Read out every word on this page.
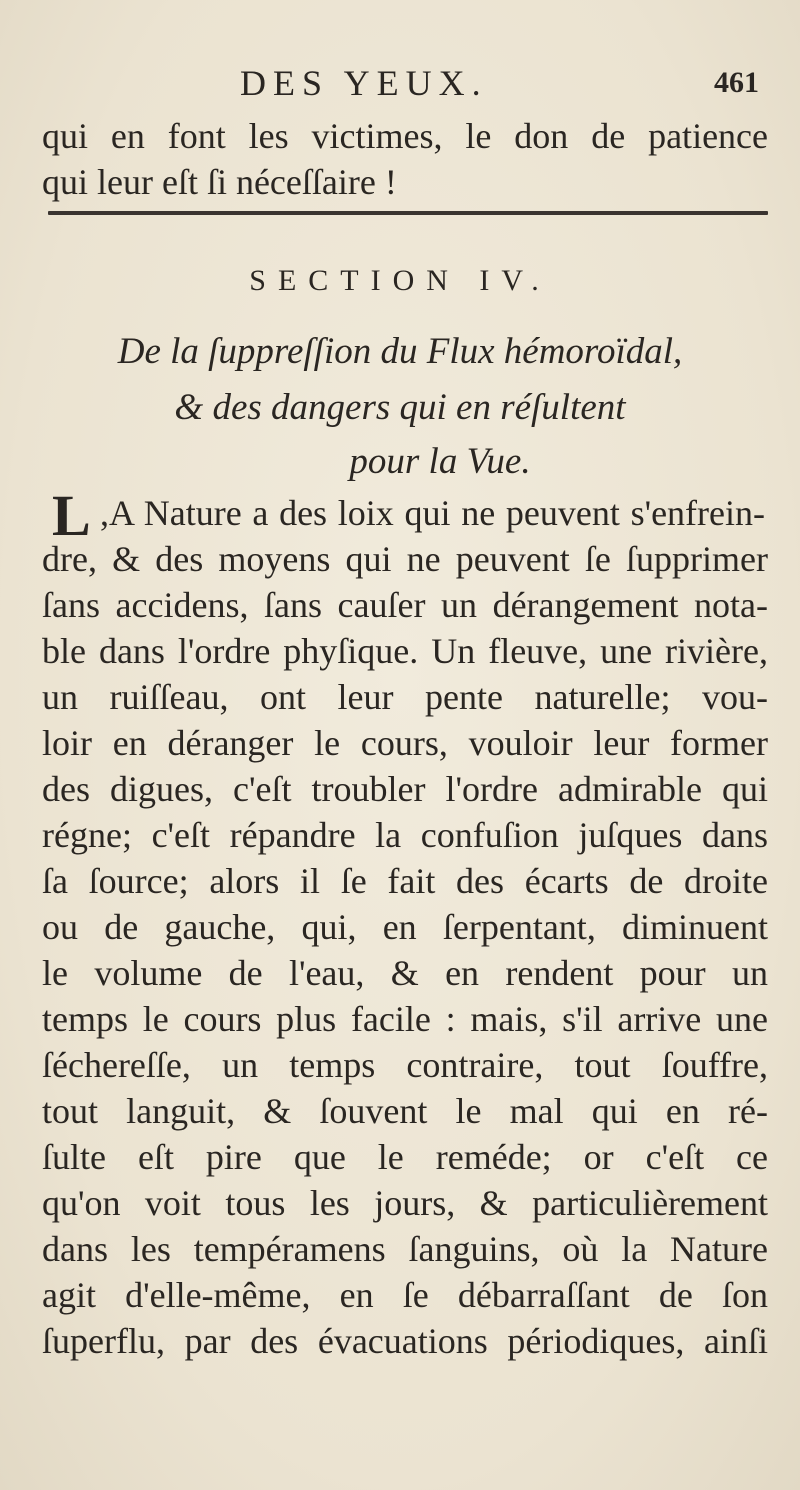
DES YEUX.	461
qui en font les victimes, le don de patience
qui leur eſt ſi néceſſaire !
SECTION IV.
De la ſuppreſſion du Flux hémoroïdal,
& des dangers qui en réſultent
pour la Vue.
L ,A Nature a des loix qui ne peuvent s'enfrein-
dre, & des moyens qui ne peuvent ſe ſupprimer
ſans accidens, ſans cauſer un dérangement nota-
ble dans l'ordre phyſique. Un fleuve, une rivière,
un ruiſſeau, ont leur pente naturelle; vou-
loir en déranger le cours, vouloir leur former
des digues, c'eſt troubler l'ordre admirable qui
régne; c'eſt répandre la confuſion juſques dans
ſa ſource; alors il ſe fait des écarts de droite
ou de gauche, qui, en ſerpentant, diminuent
le volume de l'eau, & en rendent pour un
temps le cours plus facile : mais, s'il arrive une
ſéchereſſe, un temps contraire, tout ſouffre,
tout languit, & ſouvent le mal qui en ré-
ſulte eſt pire que le reméde; or c'eſt ce
qu'on voit tous les jours, & particulièrement
dans les tempéramens ſanguins, où la Nature
agit d'elle-même, en ſe débarraſſant de ſon
ſuperflu, par des évacuations périodiques, ainſi
